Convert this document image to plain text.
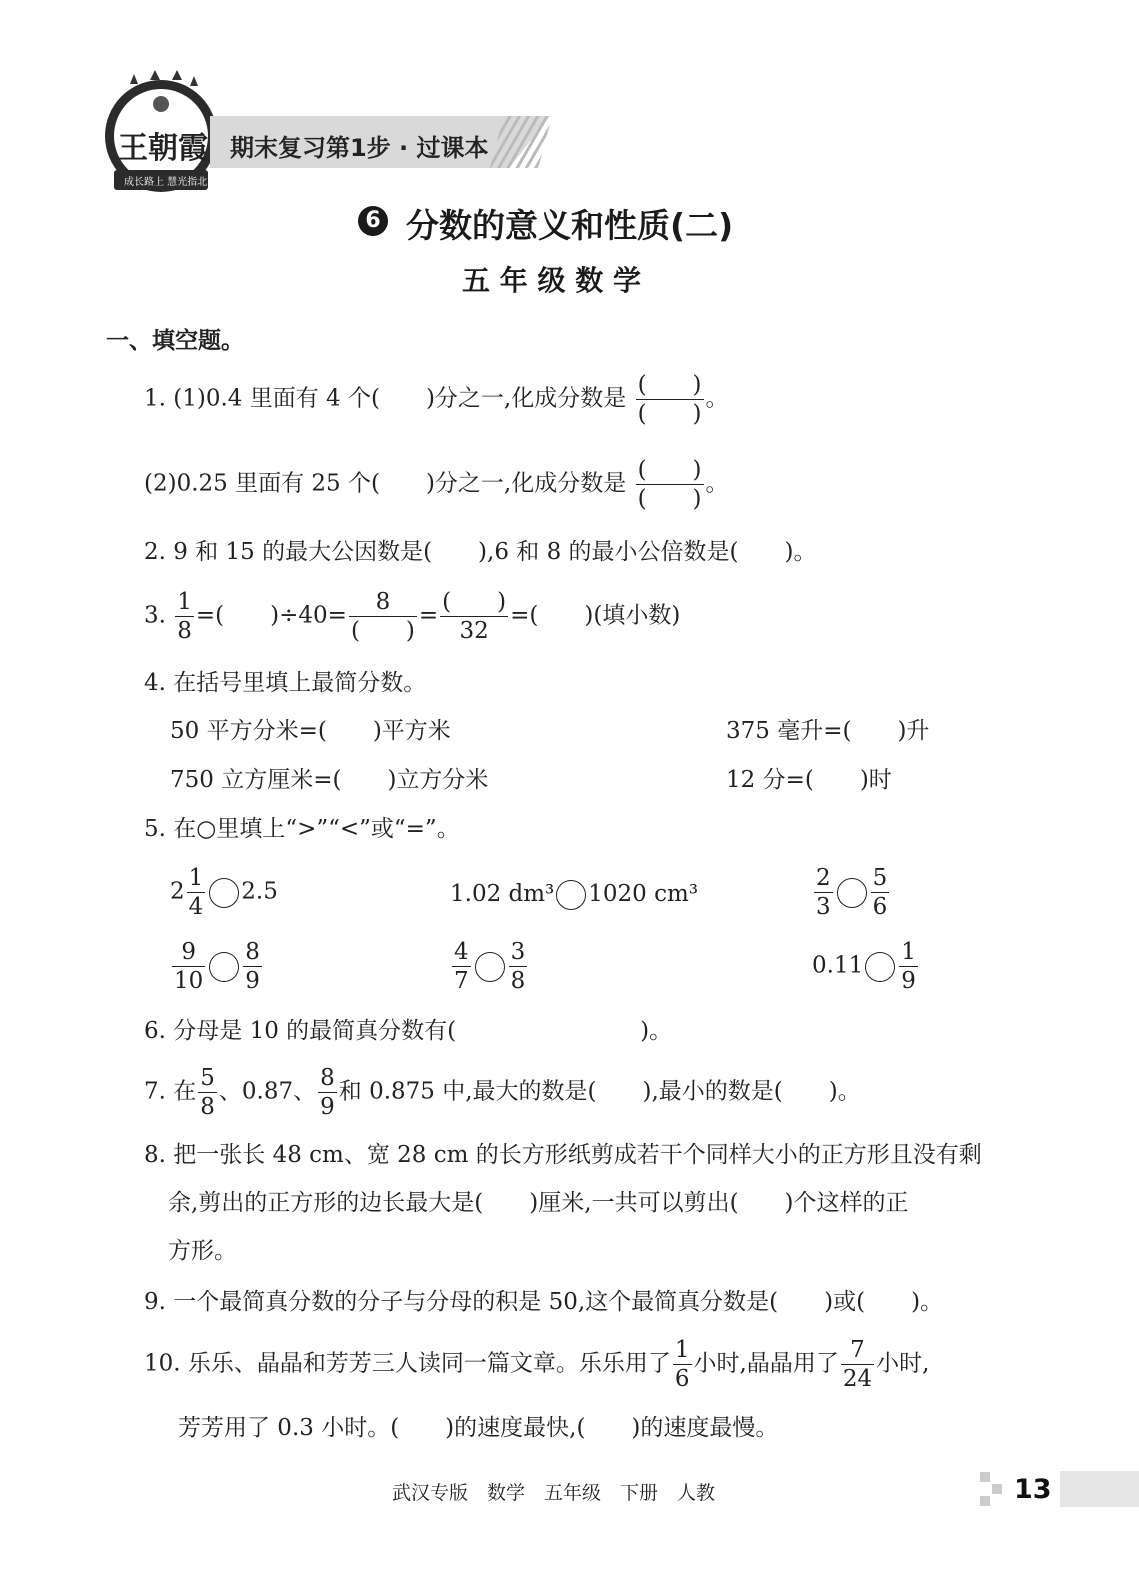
王朝霞
成长路上 慧光指北
期末复习第1步 · 过课本
6 分数的意义和性质(二)
五 年 级 数 学
一、填空题。
1. (1)0.4 里面有 4 个(　　)分之一,化成分数是 $\frac{( )}{( )}$ 。
(2)0.25 里面有 25 个(　　)分之一,化成分数是 $\frac{( )}{( )}$ 。
2. 9 和 15 的最大公因数是(　　),6 和 8 的最小公倍数是(　　)。
3. $\frac{1}{8}$ =(　　)$\div 40= \frac{8}{( )} = \frac{( )}{32}$ =(　　)(填小数)
4. 在括号里填上最简分数。
50 平方分米=(　　)平方米	375 毫升=(　　)升
750 立方厘米=(　　)立方分米	12 分=(　　)时
5. 在○里填上“>”“<”或“=”。
$2 \frac{1}{4} 2.5$	1.02 dm³ 1020 cm³	$\frac{2}{3} \frac{5}{6}$
$\frac{9}{10} \frac{8}{9}$	$\frac{4}{7} \frac{3}{8}$	$0.11 \frac{1}{9}$
6. 分母是 10 的最简真分数有(　　　　　　　　)。
7. 在 $\frac{5}{8}$ 、0.87、 $\frac{8}{9}$ 和 0.875 中,最大的数是(　　),最小的数是(　　)。
8. 把一张长 48 cm、宽 28 cm 的长方形纸剪成若干个同样大小的正方形且没有剩
余,剪出的正方形的边长最大是(　　)厘米,一共可以剪出(　　)个这样的正
方形。
9. 一个最简真分数的分子与分母的积是 50,这个最简真分数是(　　)或(　　)。
10. 乐乐、晶晶和芳芳三人读同一篇文章。乐乐用了 $\frac{1}{6}$ 小时,晶晶用了 $\frac{7}{24}$ 小时,
芳芳用了 0.3 小时。(　　)的速度最快,(　　)的速度最慢。
武汉专版　数学　五年级　下册　人教	13
